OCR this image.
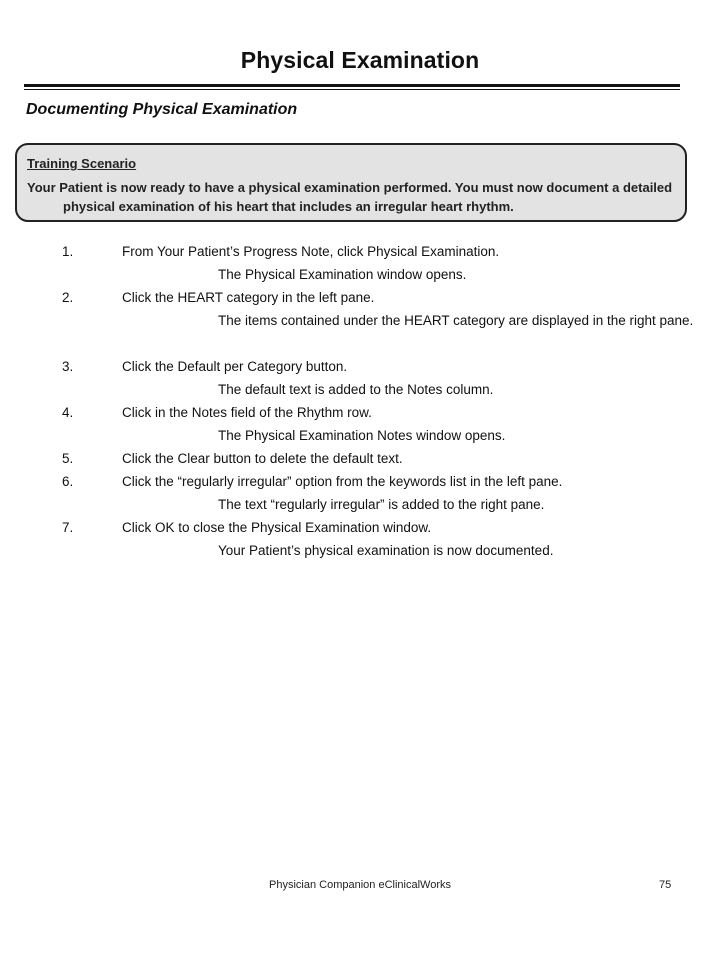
Physical Examination
Documenting Physical Examination
Training Scenario
Your Patient is now ready to have a physical examination performed. You must now document a detailed physical examination of his heart that includes an irregular heart rhythm.
1.	From Your Patient’s Progress Note, click Physical Examination.
The Physical Examination window opens.
2.	Click the HEART category in the left pane.
The items contained under the HEART category are displayed in the right pane.
3.	Click the Default per Category button.
The default text is added to the Notes column.
4.	Click in the Notes field of the Rhythm row.
The Physical Examination Notes window opens.
5.	Click the Clear button to delete the default text.
6.	Click the “regularly irregular” option from the keywords list in the left pane.
The text “regularly irregular” is added to the right pane.
7.	Click OK to close the Physical Examination window.
Your Patient’s physical examination is now documented.
Physician Companion eClinicalWorks	75
